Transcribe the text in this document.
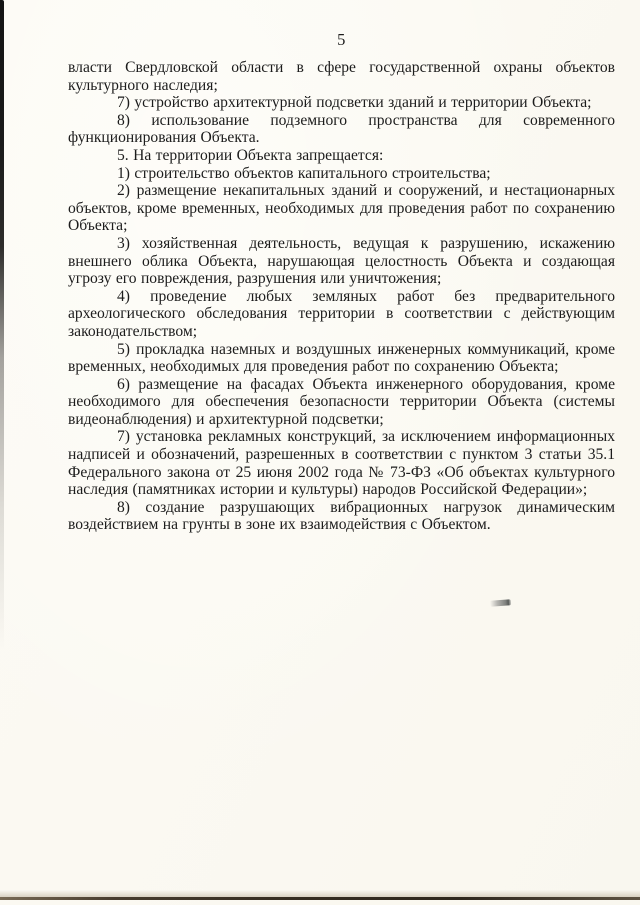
5

власти Свердловской области в сфере государственной охраны объектов культурного наследия;

7) устройство архитектурной подсветки зданий и территории Объекта;

8) использование подземного пространства для современного функционирования Объекта.

5. На территории Объекта запрещается:

1) строительство объектов капитального строительства;

2) размещение некапитальных зданий и сооружений, и нестационарных объектов, кроме временных, необходимых для проведения работ по сохранению Объекта;

3) хозяйственная деятельность, ведущая к разрушению, искажению внешнего облика Объекта, нарушающая целостность Объекта и создающая угрозу его повреждения, разрушения или уничтожения;

4) проведение любых земляных работ без предварительного археологического обследования территории в соответствии с действующим законодательством;

5) прокладка наземных и воздушных инженерных коммуникаций, кроме временных, необходимых для проведения работ по сохранению Объекта;

6) размещение на фасадах Объекта инженерного оборудования, кроме необходимого для обеспечения безопасности территории Объекта (системы видеонаблюдения) и архитектурной подсветки;

7) установка рекламных конструкций, за исключением информационных надписей и обозначений, разрешенных в соответствии с пунктом 3 статьи 35.1 Федерального закона от 25 июня 2002 года № 73-ФЗ «Об объектах культурного наследия (памятниках истории и культуры) народов Российской Федерации»;

8) создание разрушающих вибрационных нагрузок динамическим воздействием на грунты в зоне их взаимодействия с Объектом.
